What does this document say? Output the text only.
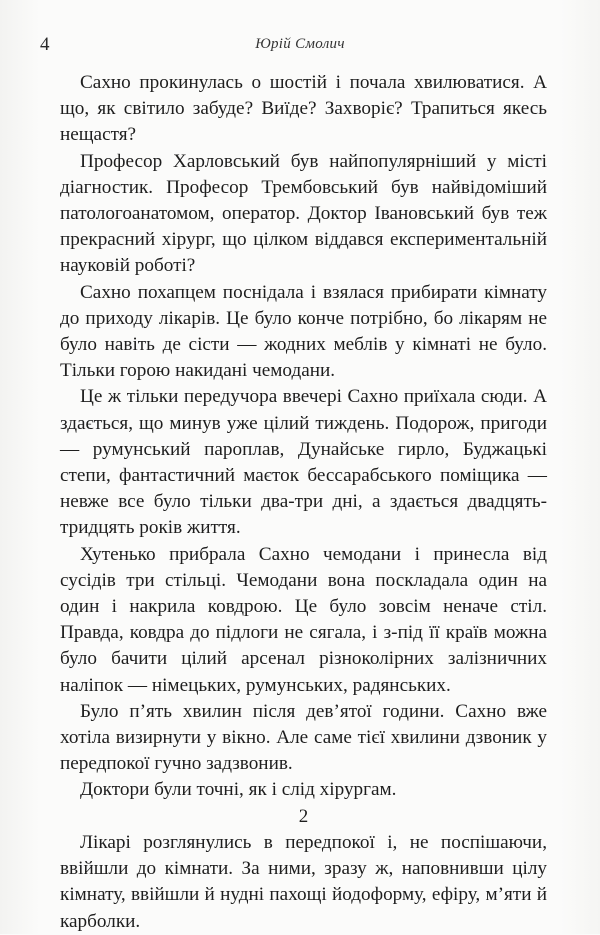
4	Юрій Смолич

Сахно прокинулась о шостій і почала хвилюватися. А що, як світило забуде? Виїде? Захворіє? Трапиться якесь нещастя?

Професор Харловський був найпопулярніший у місті діагностик. Професор Трембовський був найвідоміший патологоанатомом, оператор. Доктор Івановський був теж прекрасний хірург, що цілком віддався експериментальній науковій роботі?

Сахно похапцем поснідала і взялася прибирати кімнату до приходу лікарів. Це було конче потрібно, бо лікарям не було навіть де сісти — жодних меблів у кімнаті не було. Тільки горою накидані чемодани.

Це ж тільки передучора ввечері Сахно приїхала сюди. А здається, що минув уже цілий тиждень. Подорож, пригоди — румунський пароплав, Дунайське гирло, Буджацькі степи, фантастичний маєток бессарабського поміщика — невже все було тільки два-три дні, а здається двадцять-тридцять років життя.

Хутенько прибрала Сахно чемодани і принесла від сусідів три стільці. Чемодани вона поскладала один на один і накрила ковдрою. Це було зовсім неначе стіл. Правда, ковдра до підлоги не сягала, і з-під її країв можна було бачити цілий арсенал різноколірних залізничних наліпок — німецьких, румунських, радянських.

Було п’ять хвилин після дев’ятої години. Сахно вже хотіла визирнути у вікно. Але саме тієї хвилини дзвоник у передпокої гучно задзвонив.

Доктори були точні, як і слід хірургам.

2

Лікарі розглянулись в передпокої і, не поспішаючи, ввійшли до кімнати. За ними, зразу ж, наповнивши цілу кімнату, ввійшли й нудні пахощі йодоформу, ефіру, м’яти й карболки.
